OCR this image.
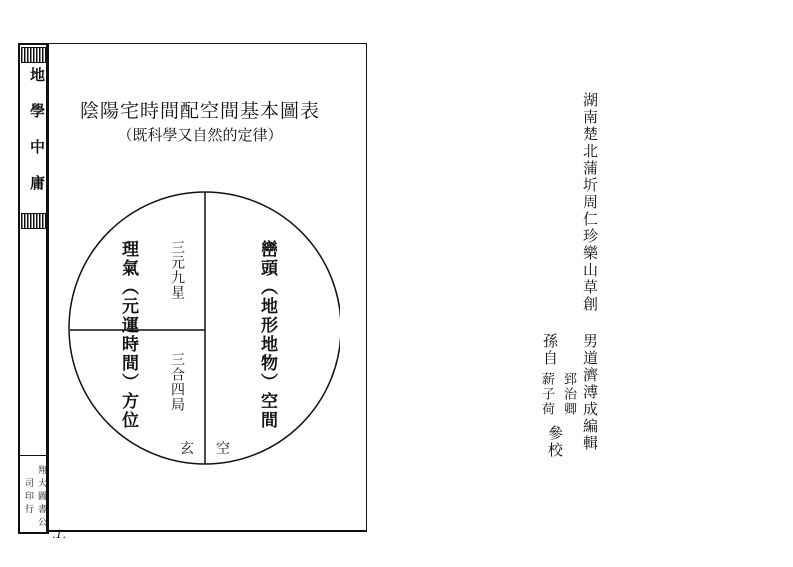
地學中庸
翔大圖書公司印行
陰陽宅時間配空間基本圖表
（既科學又自然的定律）
巒頭（地形地物）空間
理氣（元運時間）方位 三元九星
三合四局
玄 空
.1.
湖南楚北蒲圻周仁珍樂山草創
男道濟溥成編輯
孫自
郅治卿
薪子荷
參校
